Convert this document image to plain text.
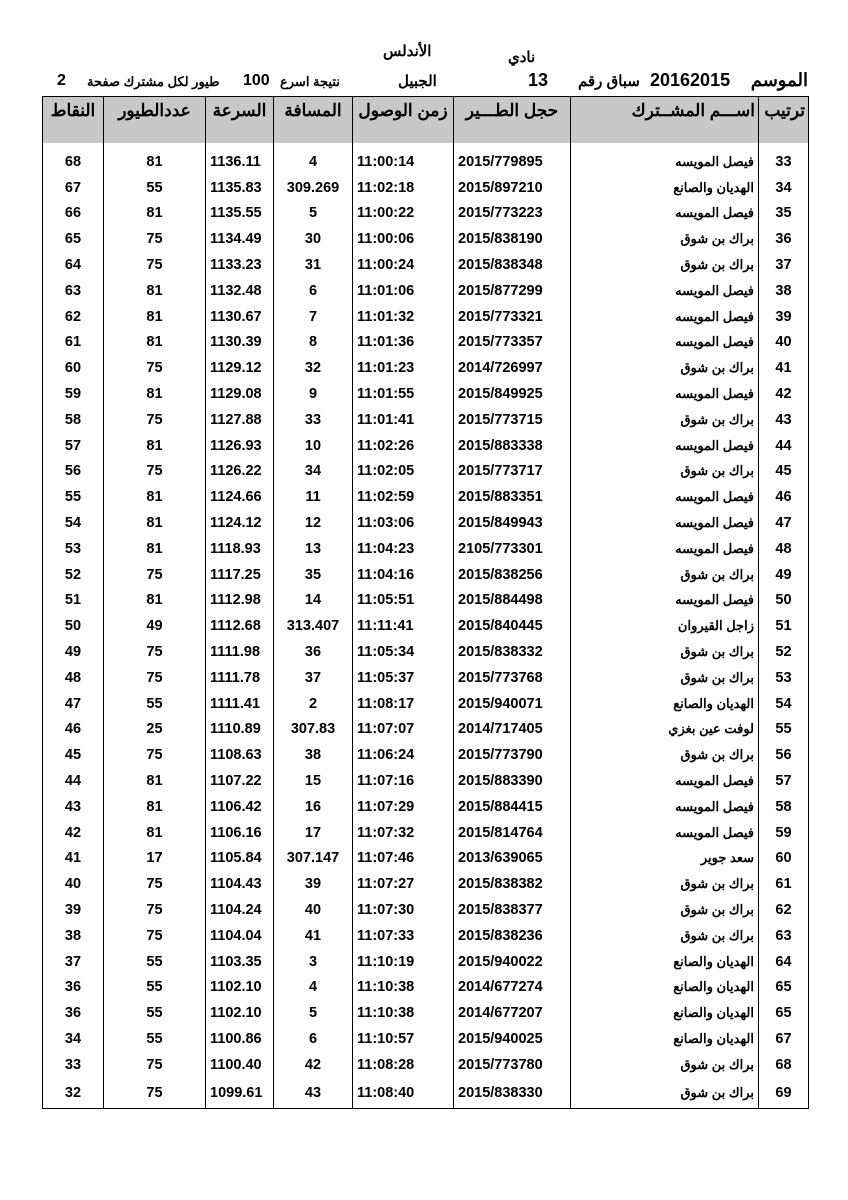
الأندلس	نادي
الموسم
20162015
سباق رقم
13
الجبيل
نتيجة اسرع
100
طيور لكل مشترك صفحة
2
ترتيب	اســـم المشــترك	حجل الطـــير	زمن الوصول	المسافة	السرعة	عددالطيور	النقاط
33	فيصل المويسه	2015/779895	11:00:14	4	1136.11	81	68
34	الهديان والصانع	2015/897210	11:02:18	309.269	1135.83	55	67
35	فيصل المويسه	2015/773223	11:00:22	5	1135.55	81	66
36	براك بن شوق	2015/838190	11:00:06	30	1134.49	75	65
37	براك بن شوق	2015/838348	11:00:24	31	1133.23	75	64
38	فيصل المويسه	2015/877299	11:01:06	6	1132.48	81	63
39	فيصل المويسه	2015/773321	11:01:32	7	1130.67	81	62
40	فيصل المويسه	2015/773357	11:01:36	8	1130.39	81	61
41	براك بن شوق	2014/726997	11:01:23	32	1129.12	75	60
42	فيصل المويسه	2015/849925	11:01:55	9	1129.08	81	59
43	براك بن شوق	2015/773715	11:01:41	33	1127.88	75	58
44	فيصل المويسه	2015/883338	11:02:26	10	1126.93	81	57
45	براك بن شوق	2015/773717	11:02:05	34	1126.22	75	56
46	فيصل المويسه	2015/883351	11:02:59	11	1124.66	81	55
47	فيصل المويسه	2015/849943	11:03:06	12	1124.12	81	54
48	فيصل المويسه	2105/773301	11:04:23	13	1118.93	81	53
49	براك بن شوق	2015/838256	11:04:16	35	1117.25	75	52
50	فيصل المويسه	2015/884498	11:05:51	14	1112.98	81	51
51	زاجل القيروان	2015/840445	11:11:41	313.407	1112.68	49	50
52	براك بن شوق	2015/838332	11:05:34	36	1111.98	75	49
53	براك بن شوق	2015/773768	11:05:37	37	1111.78	75	48
54	الهديان والصانع	2015/940071	11:08:17	2	1111.41	55	47
55	لوفت عين بغزي	2014/717405	11:07:07	307.83	1110.89	25	46
56	براك بن شوق	2015/773790	11:06:24	38	1108.63	75	45
57	فيصل المويسه	2015/883390	11:07:16	15	1107.22	81	44
58	فيصل المويسه	2015/884415	11:07:29	16	1106.42	81	43
59	فيصل المويسه	2015/814764	11:07:32	17	1106.16	81	42
60	سعد جوير	2013/639065	11:07:46	307.147	1105.84	17	41
61	براك بن شوق	2015/838382	11:07:27	39	1104.43	75	40
62	براك بن شوق	2015/838377	11:07:30	40	1104.24	75	39
63	براك بن شوق	2015/838236	11:07:33	41	1104.04	75	38
64	الهديان والصانع	2015/940022	11:10:19	3	1103.35	55	37
65	الهديان والصانع	2014/677274	11:10:38	4	1102.10	55	36
65	الهديان والصانع	2014/677207	11:10:38	5	1102.10	55	36
67	الهديان والصانع	2015/940025	11:10:57	6	1100.86	55	34
68	براك بن شوق	2015/773780	11:08:28	42	1100.40	75	33
69	براك بن شوق	2015/838330	11:08:40	43	1099.61	75	32
